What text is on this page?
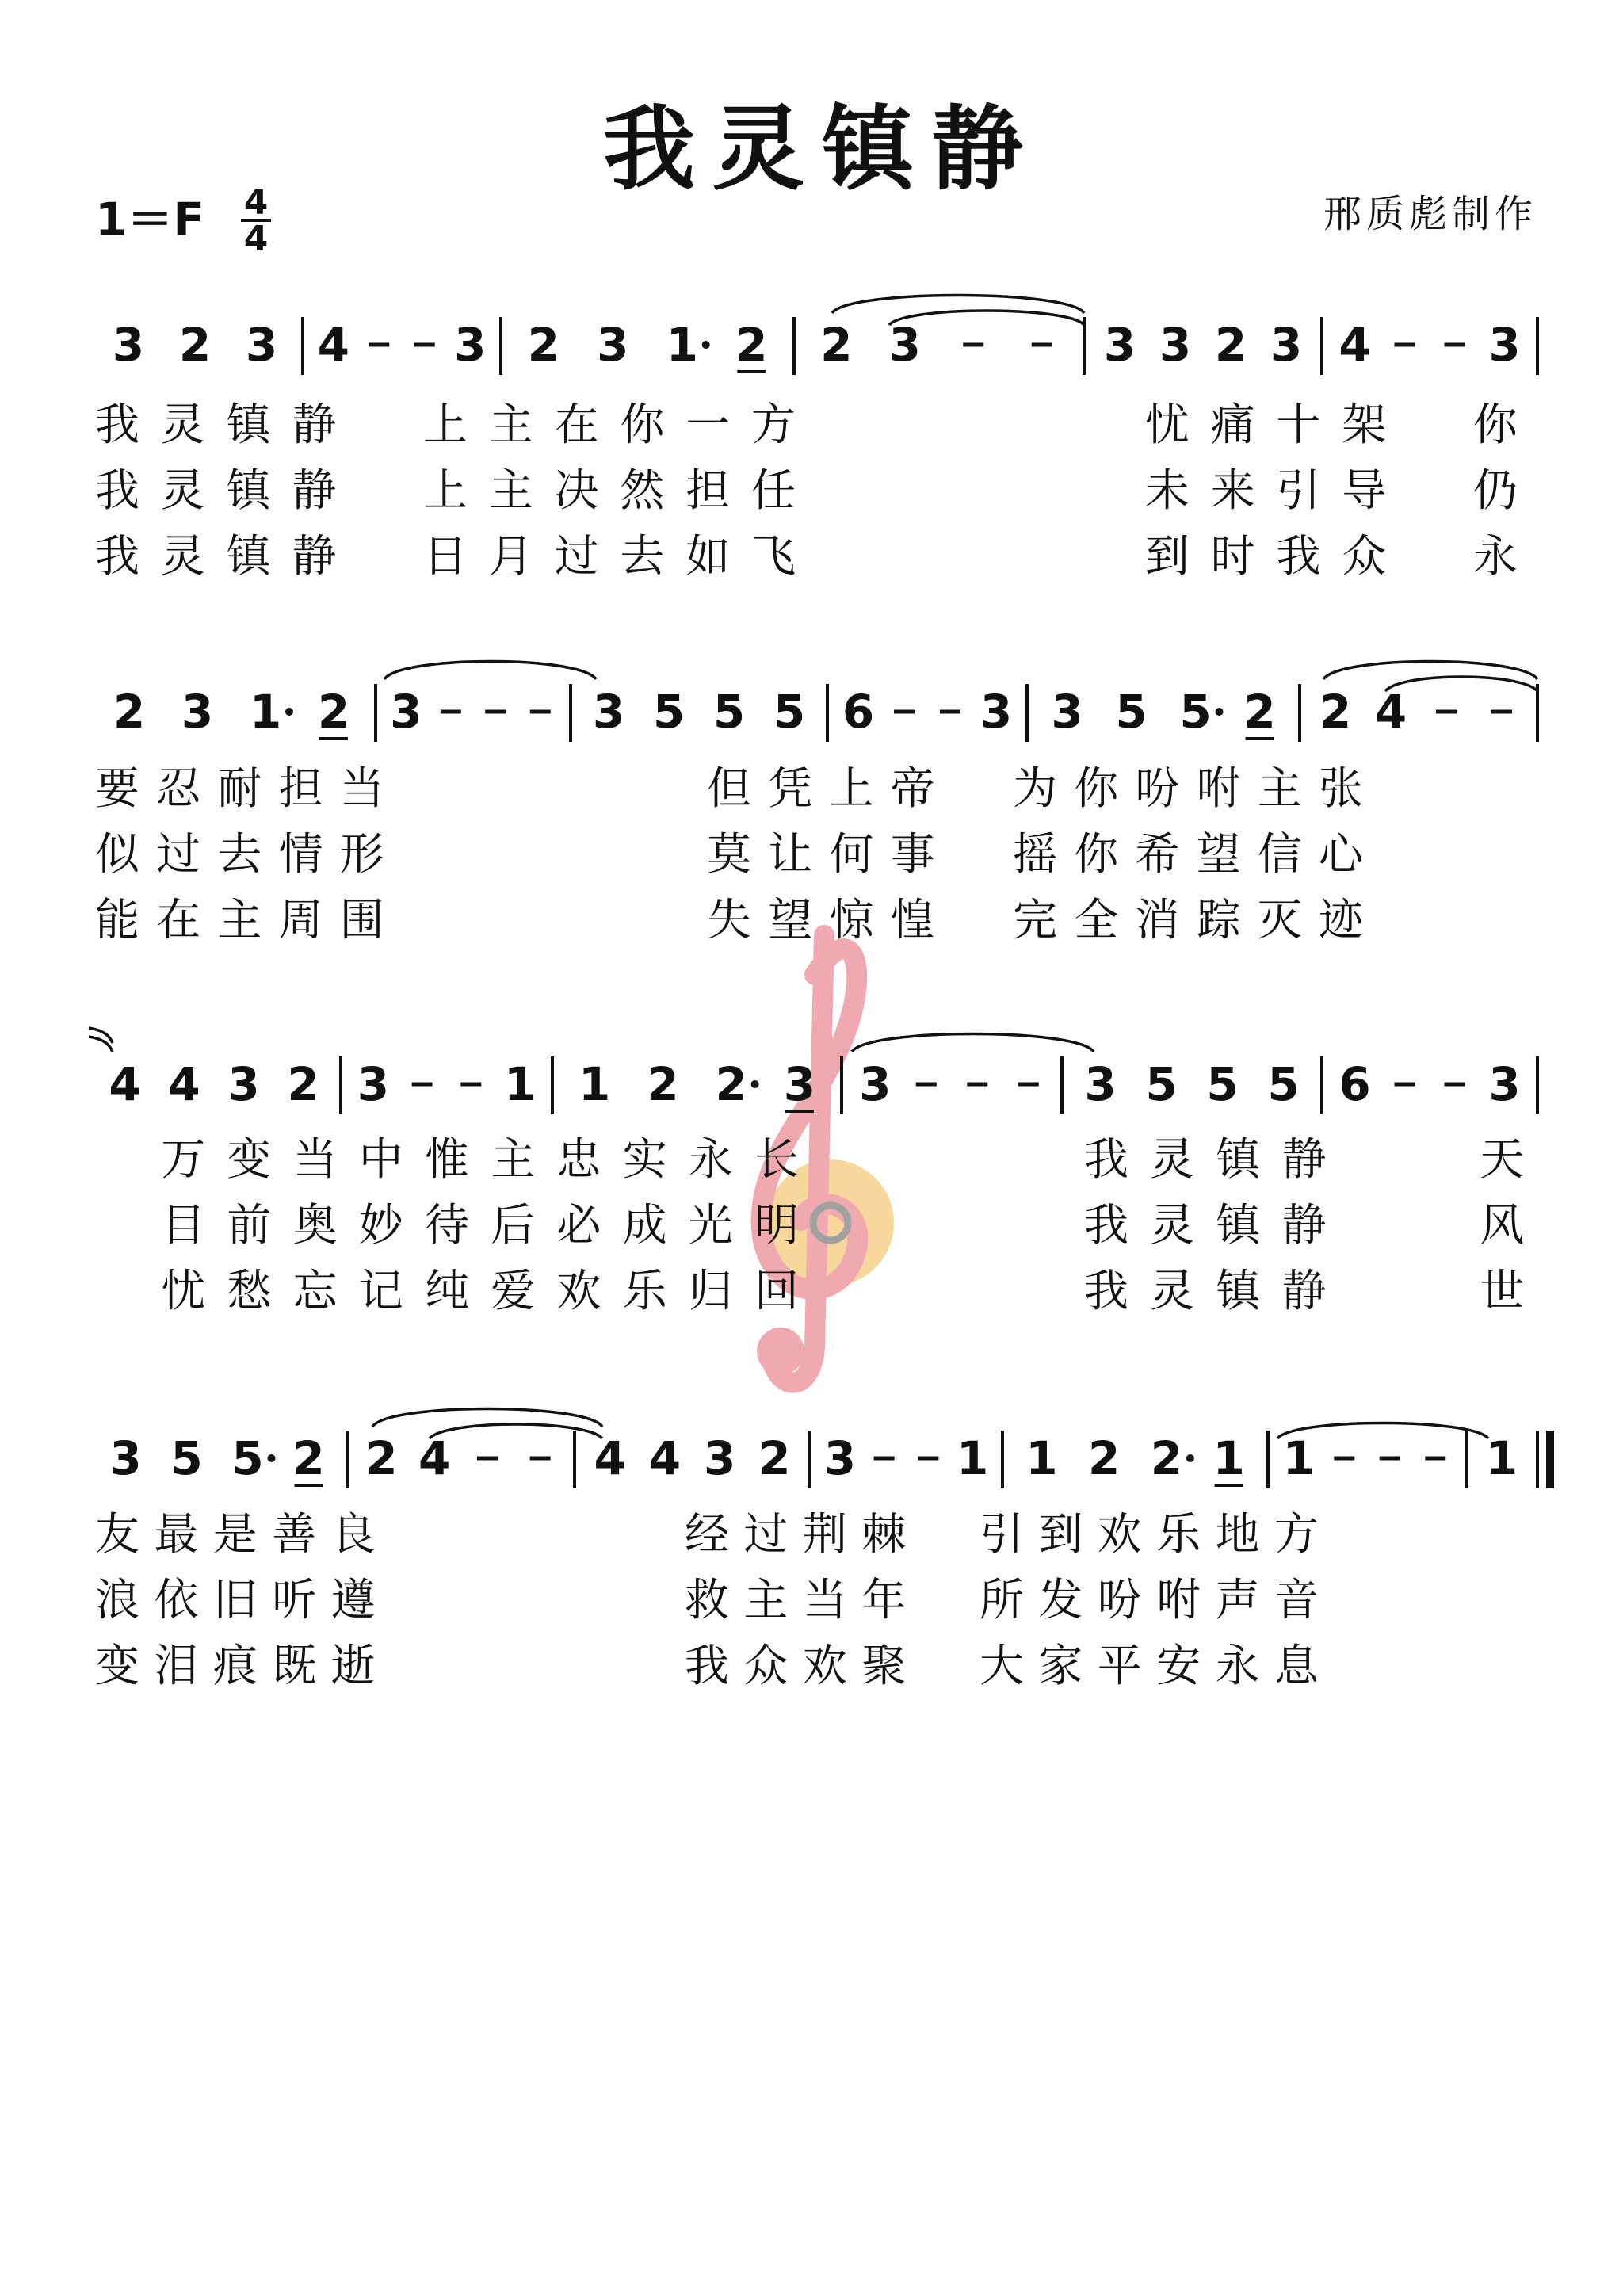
我灵镇静
1＝F 4
4
邢质彪制作
3 2 3 4 3 2 3 1 2 2 3	3 3 2 3 4	3
我 灵 镇 静 上 主 在 你 一 方	忧 痛 十 架 你
我 灵 镇 静 上 主 决 然 担 任	未 来 引 导 仍
我 灵 镇 静 日 月 过 去 如 飞	到 时 我 众 永
2 3 1 2 3	3 5 5 5 6 3 3 5 5 2 2 4
要 忍 耐 担 当	但 凭 上 帝 为 你 吩 咐 主 张
似 过 去 情 形	莫 让 何 事 摇 你 希 望 信 心
能 在 主 周 围	失 望 惊 惶 完 全 消 踪 灭 迹
4 4 3 2 3 1 1 2 2 3 3	3 5 5 5 6	3
万 变 当 中 惟 主 忠 实 永 长	我 灵 镇 静	天
目 前 奥 妙 待 后 必 成 光 明	我 灵 镇 静	风
忧 愁 忘 记 纯 爱 欢 乐 归 回	我 灵 镇 静	世
3 5 5 2 2 4	4 4 3 2 3 1 1 2 2 1 1	1
友 最 是 善 良	经 过 荆 棘 引 到 欢 乐 地 方
浪 依 旧 听 遵	救 主 当 年 所 发 吩 咐 声 音
变 泪 痕 既 逝	我 众 欢 聚 大 家 平 安 永 息
